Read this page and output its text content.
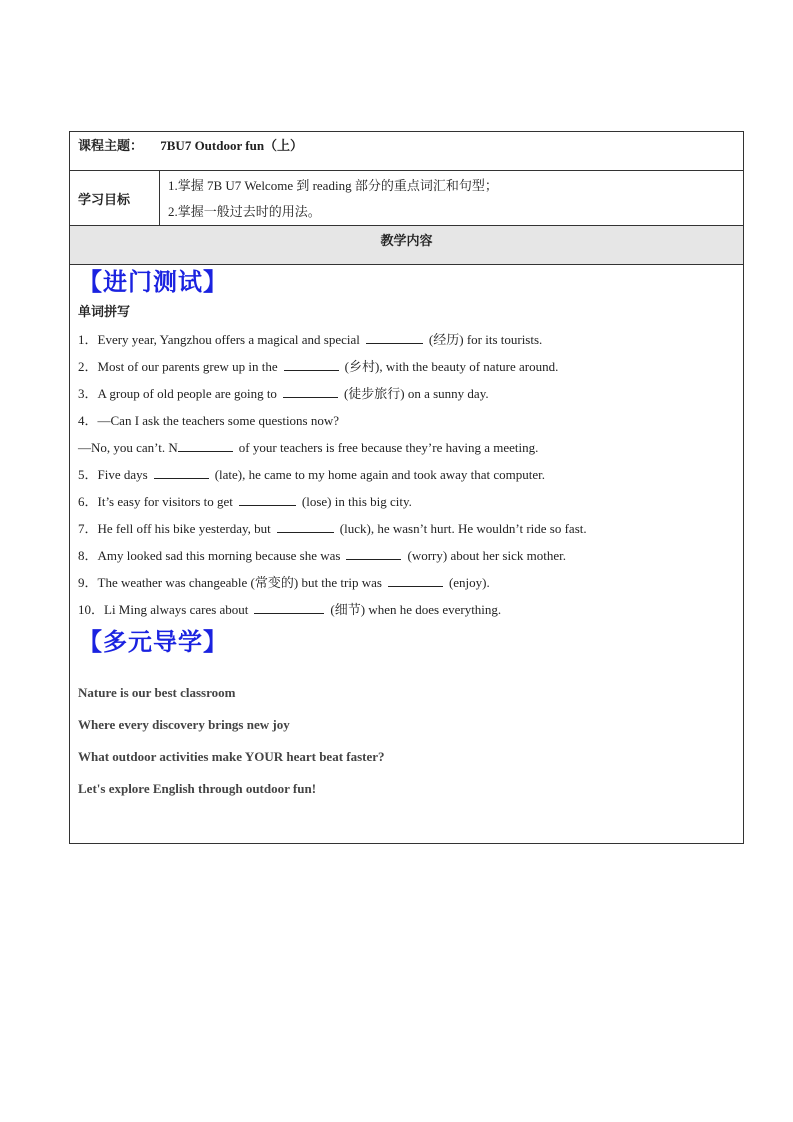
课程主题： 7BU7 Outdoor fun（上）
学习目标
1.掌握 7B U7 Welcome 到 reading 部分的重点词汇和句型；
2.掌握一般过去时的用法。
教学内容
【进门测试】
单词拼写
1．Every year, Yangzhou offers a magical and special	(经历) for its tourists.
2．Most of our parents grew up in the	(乡村), with the beauty of nature around.
3．A group of old people are going to	(徒步旅行) on a sunny day.
4．—Can I ask the teachers some questions now?
—No, you can’t. N	of your teachers is free because they’re having a meeting.
5．Five days	(late), he came to my home again and took away that computer.
6．It’s easy for visitors to get	(lose) in this big city.
7．He fell off his bike yesterday, but	(luck), he wasn’t hurt. He wouldn’t ride so fast.
8．Amy looked sad this morning because she was	(worry) about her sick mother.
9．The weather was changeable (常变的) but the trip was	(enjoy).
10．Li Ming always cares about	(细节) when he does everything.
【多元导学】
Nature is our best classroom
Where every discovery brings new joy
What outdoor activities make YOUR heart beat faster?
Let's explore English through outdoor fun!
